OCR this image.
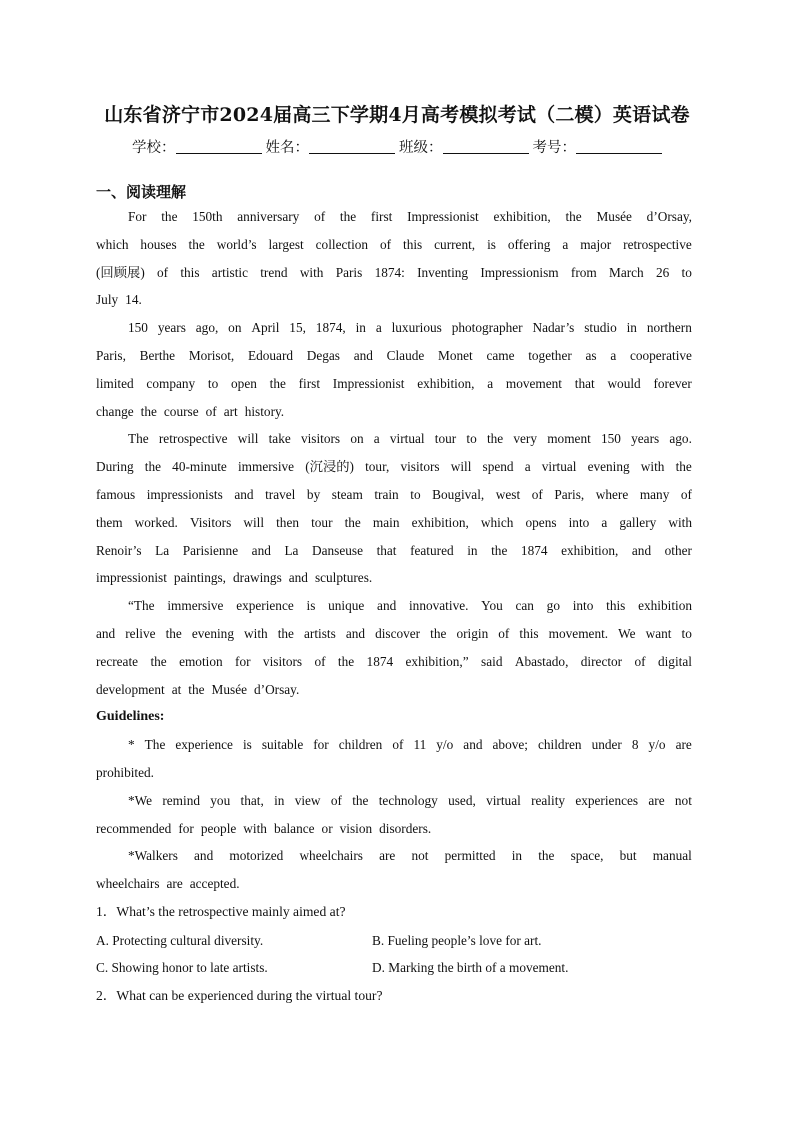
山东省济宁市2024届高三下学期4月高考模拟考试（二模）英语试卷
学校：	姓名：	班级：	考号：
一、阅读理解
For the 150th anniversary of the first Impressionist exhibition, the Musée d’Orsay,
which houses the world’s largest collection of this current, is offering a major retrospective
(回顾展) of this artistic trend with Paris 1874: Inventing Impressionism from March 26 to
July 14.
150 years ago, on April 15, 1874, in a luxurious photographer Nadar’s studio in northern
Paris, Berthe Morisot, Edouard Degas and Claude Monet came together as a cooperative
limited company to open the first Impressionist exhibition, a movement that would forever
change the course of art history.
The retrospective will take visitors on a virtual tour to the very moment 150 years ago.
During the 40-minute immersive (沉浸的) tour, visitors will spend a virtual evening with the
famous impressionists and travel by steam train to Bougival, west of Paris, where many of
them worked. Visitors will then tour the main exhibition, which opens into a gallery with
Renoir’s La Parisienne and La Danseuse that featured in the 1874 exhibition, and other
impressionist paintings, drawings and sculptures.
“The immersive experience is unique and innovative. You can go into this exhibition
and relive the evening with the artists and discover the origin of this movement. We want to
recreate the emotion for visitors of the 1874 exhibition,” said Abastado, director of digital
development at the Musée d’Orsay.
Guidelines:
* The experience is suitable for children of 11 y/o and above; children under 8 y/o are
prohibited.
*We remind you that, in view of the technology used, virtual reality experiences are not
recommended for people with balance or vision disorders.
*Walkers and motorized wheelchairs are not permitted in the space, but manual
wheelchairs are accepted.
1．What’s the retrospective mainly aimed at?
A. Protecting cultural diversity.	B. Fueling people’s love for art.
C. Showing honor to late artists.	D. Marking the birth of a movement.
2．What can be experienced during the virtual tour?
